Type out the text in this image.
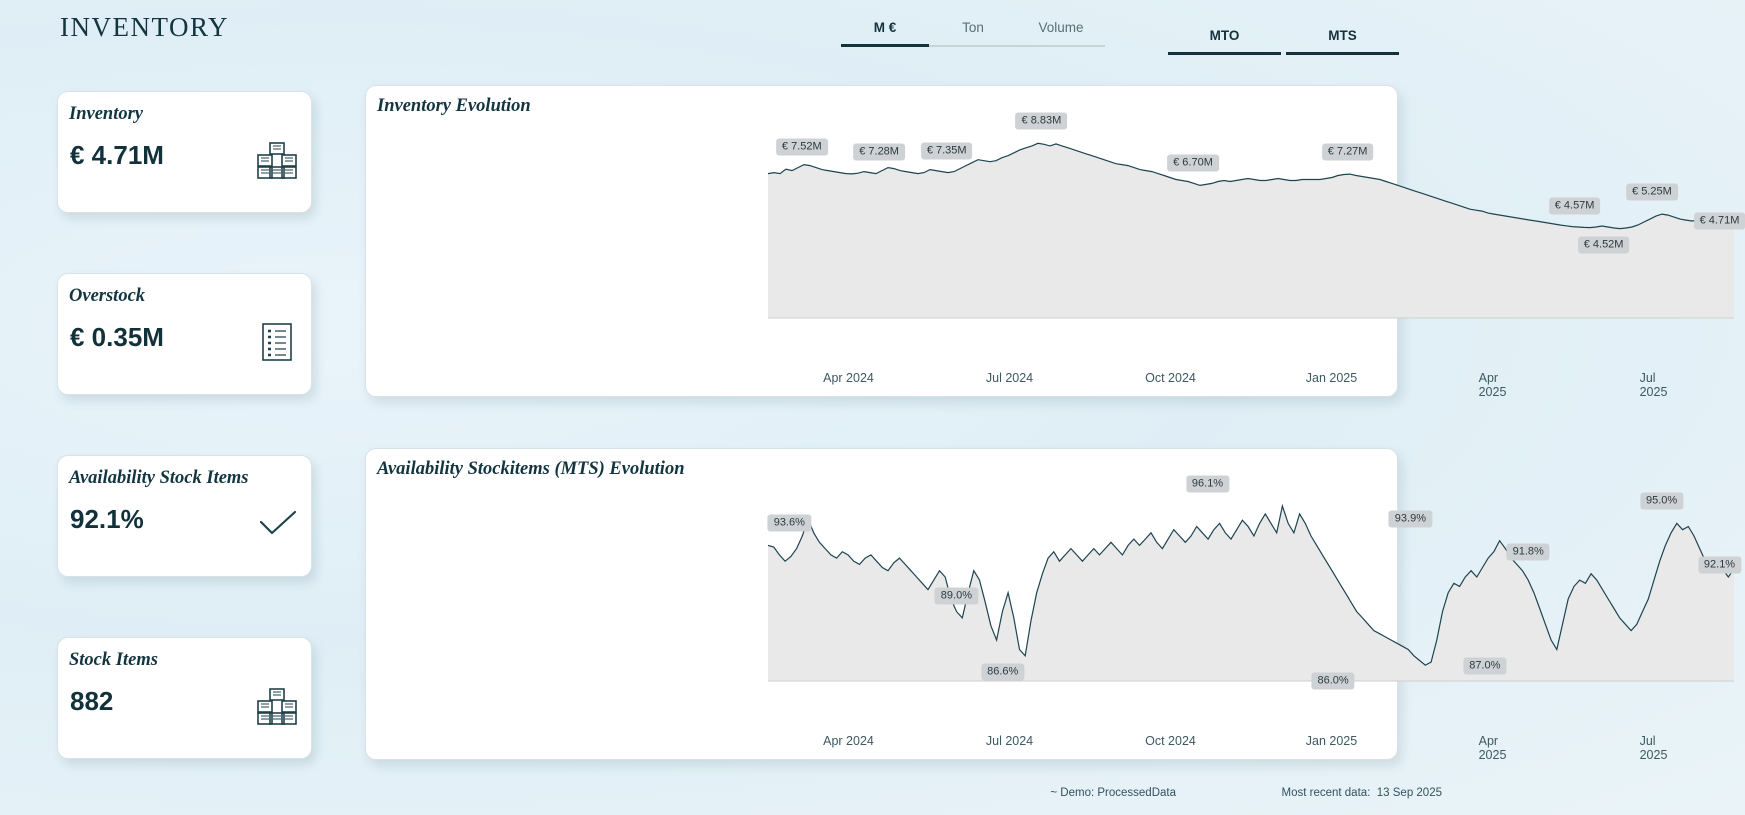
INVENTORY	M €	Ton	Volume
MTO	MTS
Inventory
€ 4.71M
Overstock
€ 0.35M
Availability Stock Items
92.1%
Stock Items
882
Inventory Evolution
€ 7.52M	€ 7.28M	€ 7.35M
€ 8.83M
€ 6.70M
€ 7.27M
€ 4.57M
€ 4.52M
€ 5.25M
€ 4.71M
Apr 2024	Jul 2024	Oct 2024	Jan 2025	Apr 2025
Jul 2025
Availability Stockitems (MTS) Evolution
93.6%
89.0%
86.6%
96.1%
86.0%
93.9%
87.0%
91.8%
95.0%
92.1%
Apr 2024	Jul 2024	Oct 2024	Jan 2025	Apr 2025
Jul 2025
~ Demo: ProcessedData	Most recent data: 13 Sep 2025
